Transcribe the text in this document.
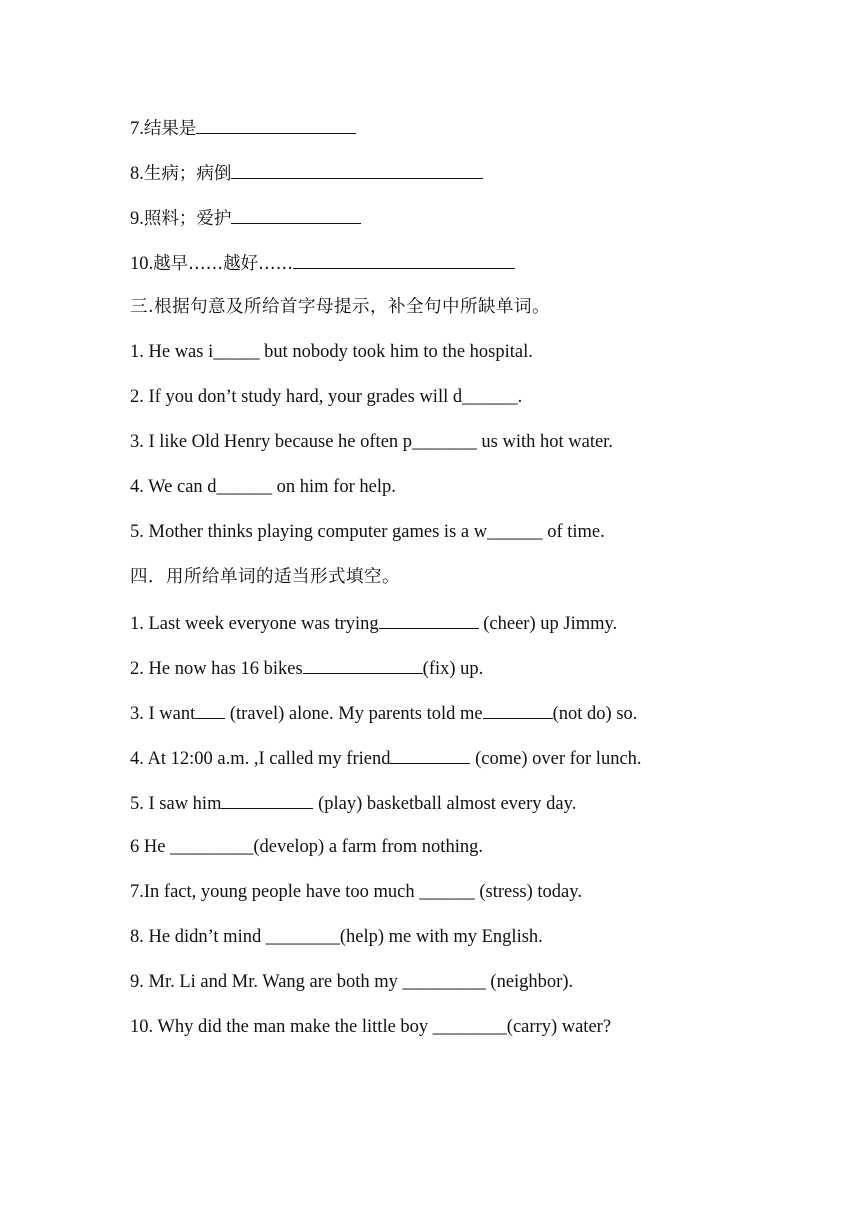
7.结果是
8.生病；病倒
9.照料；爱护
10.越早……越好……
三.根据句意及所给首字母提示，补全句中所缺单词。
1. He was i_____ but nobody took him to the hospital.
2. If you don’t study hard, your grades will d______.
3. I like Old Henry because he often p_______ us with hot water.
4. We can d______ on him for help.
5. Mother thinks playing computer games is a w______ of time.
四．用所给单词的适当形式填空。
1. Last week everyone was trying	(cheer) up Jimmy.
2. He now has 16 bikes	(fix) up.
3. I want (travel) alone. My parents told me	(not do) so.
4. At 12:00 a.m. ,I called my friend	(come) over for lunch.
5. I saw him	(play) basketball almost every day.
6 He _________(develop) a farm from nothing.
7.In fact, young people have too much ______ (stress) today.
8. He didn’t mind ________(help) me with my English.
9. Mr. Li and Mr. Wang are both my _________ (neighbor).
10. Why did the man make the little boy ________(carry) water?
